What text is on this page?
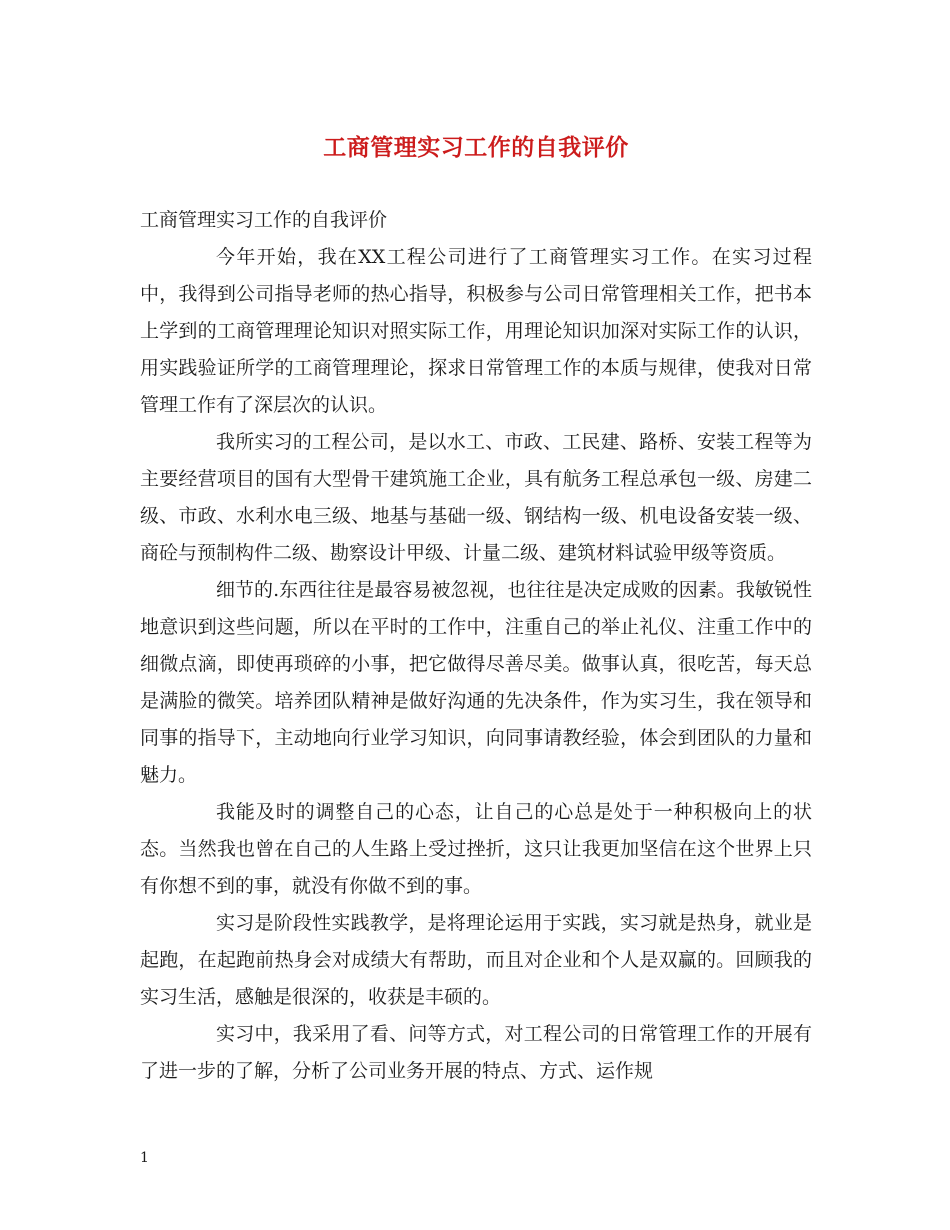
工商管理实习工作的自我评价

工商管理实习工作的自我评价

今年开始，我在XX工程公司进行了工商管理实习工作。在实习过程中，我得到公司指导老师的热心指导，积极参与公司日常管理相关工作，把书本上学到的工商管理理论知识对照实际工作，用理论知识加深对实际工作的认识，用实践验证所学的工商管理理论，探求日常管理工作的本质与规律，使我对日常管理工作有了深层次的认识。

我所实习的工程公司，是以水工、市政、工民建、路桥、安装工程等为主要经营项目的国有大型骨干建筑施工企业，具有航务工程总承包一级、房建二级、市政、水利水电三级、地基与基础一级、钢结构一级、机电设备安装一级、商砼与预制构件二级、勘察设计甲级、计量二级、建筑材料试验甲级等资质。

细节的.东西往往是最容易被忽视，也往往是决定成败的因素。我敏锐性地意识到这些问题，所以在平时的工作中，注重自己的举止礼仪、注重工作中的细微点滴，即使再琐碎的小事，把它做得尽善尽美。做事认真，很吃苦，每天总是满脸的微笑。培养团队精神是做好沟通的先决条件，作为实习生，我在领导和同事的指导下，主动地向行业学习知识，向同事请教经验，体会到团队的力量和魅力。

我能及时的调整自己的心态，让自己的心总是处于一种积极向上的状态。当然我也曾在自己的人生路上受过挫折，这只让我更加坚信在这个世界上只有你想不到的事，就没有你做不到的事。

实习是阶段性实践教学，是将理论运用于实践，实习就是热身，就业是起跑，在起跑前热身会对成绩大有帮助，而且对企业和个人是双赢的。回顾我的实习生活，感触是很深的，收获是丰硕的。

实习中，我采用了看、问等方式，对工程公司的日常管理工作的开展有了进一步的了解，分析了公司业务开展的特点、方式、运作规

1
